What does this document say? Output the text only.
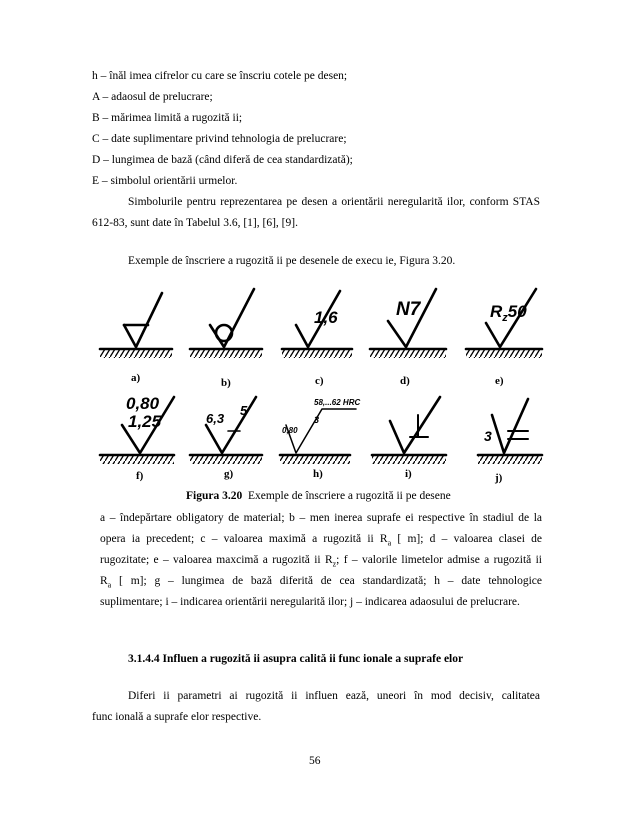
h – înăl imea cifrelor cu care se înscriu cotele pe desen;
A – adaosul de prelucrare;
B – mărimea limită a rugozită ii;
C – date suplimentare privind tehnologia de prelucrare;
D – lungimea de bază (când diferă de cea standardizată);
E – simbolul orientării urmelor.
Simbolurile pentru reprezentarea pe desen a orientării neregularită ilor, conform STAS
612-83, sunt date în Tabelul 3.6, [1], [6], [9].
Exemple de înscriere a rugozită ii pe desenele de execu ie, Figura 3.20.
1,6	N7	$R_z50$
0,80
1,25	6,3
5
58,...62 HRC
0,80
3
3
a)	b)	c)	d)	e)
f)	g)	h)	i)	j)
Figura 3.20 Exemple de înscriere a rugozită ii pe desene
a – îndepărtare obligatory de material; b – men inerea suprafe ei respective în stadiul de la
opera ia precedent; c – valoarea maximă a rugozită ii $R_a$ [ m]; d – valoarea clasei de
rugozitate; e – valoarea maxcimă a rugozită ii $R_z$; f – valorile limetelor admise a rugozită ii
$R_a$ [ m]; g – lungimea de bază diferită de cea standardizată; h – date tehnologice
suplimentare; i – indicarea orientării neregularită ilor; j – indicarea adaosului de prelucrare.
3.1.4.4 Influen a rugozită ii asupra calită ii func ionale a suprafe elor
Diferi ii parametri ai rugozită ii influen ează, uneori în mod decisiv, calitatea
func ională a suprafe elor respective.
56
